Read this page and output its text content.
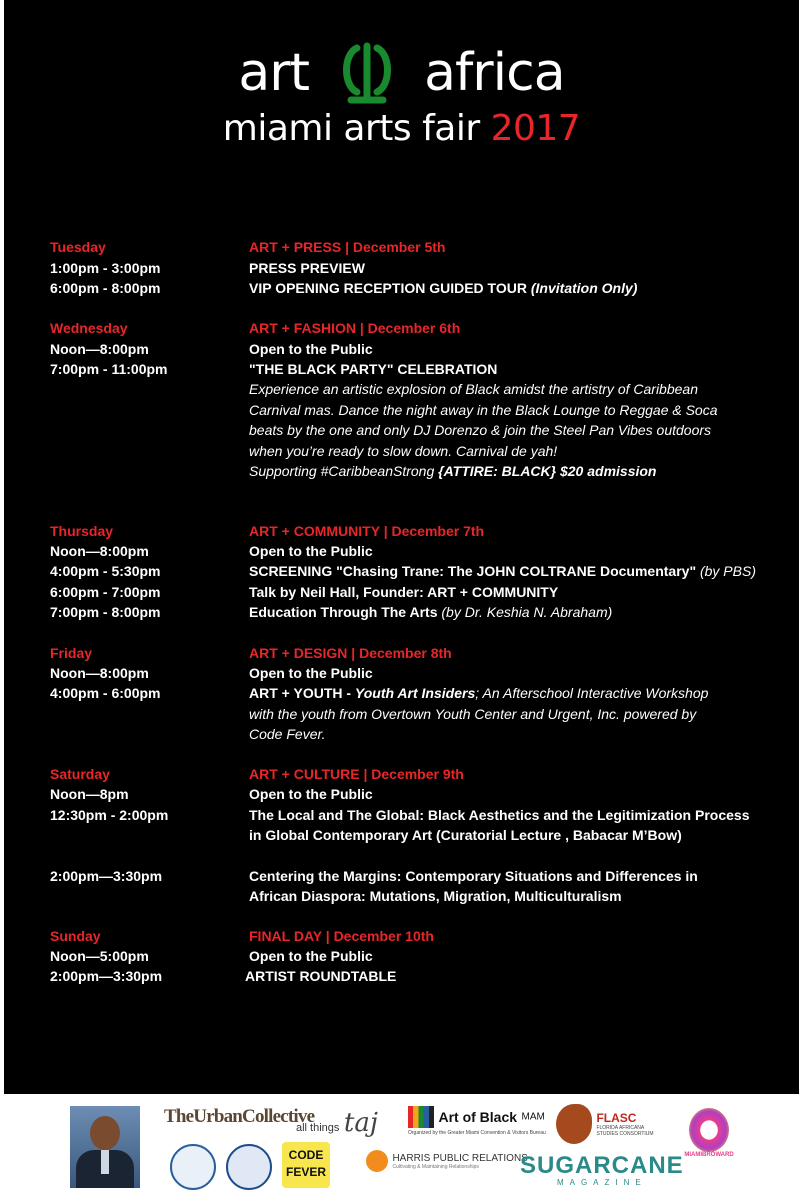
art africa
miami arts fair 2017
Tuesday	ART + PRESS | December 5th
1:00pm - 3:00pm	PRESS PREVIEW
6:00pm - 8:00pm	VIP OPENING RECEPTION GUIDED TOUR (Invitation Only)
Wednesday	ART + FASHION | December 6th
Noon—8:00pm	Open to the Public
7:00pm - 11:00pm	"THE BLACK PARTY" CELEBRATION
Experience an artistic explosion of Black amidst the artistry of Caribbean
Carnival mas. Dance the night away in the Black Lounge to Reggae & Soca
beats by the one and only DJ Dorenzo & join the Steel Pan Vibes outdoors
when you’re ready to slow down. Carnival de yah!
Supporting #CaribbeanStrong {ATTIRE: BLACK} $20 admission
Thursday	ART + COMMUNITY | December 7th
Noon—8:00pm	Open to the Public
4:00pm - 5:30pm	SCREENING "Chasing Trane: The JOHN COLTRANE Documentary" (by PBS)
6:00pm - 7:00pm	Talk by Neil Hall, Founder: ART + COMMUNITY
7:00pm - 8:00pm	Education Through The Arts (by Dr. Keshia N. Abraham)
Friday	ART + DESIGN | December 8th
Noon—8:00pm	Open to the Public
4:00pm - 6:00pm	ART + YOUTH - Youth Art Insiders; An Afterschool Interactive Workshop
with the youth from Overtown Youth Center and Urgent, Inc. powered by
Code Fever.
Saturday	ART + CULTURE | December 9th
Noon—8pm	Open to the Public
12:30pm - 2:00pm	The Local and The Global: Black Aesthetics and the Legitimization Process
in Global Contemporary Art (Curatorial Lecture , Babacar M’Bow)
2:00pm—3:30pm	Centering the Margins: Contemporary Situations and Differences in
African Diaspora: Mutations, Migration, Multiculturalism
Sunday	FINAL DAY | December 10th
Noon—5:00pm	Open to the Public
2:00pm—3:30pm	ARTIST ROUNDTABLE
TheUrbanCollective
all things taj
CODE
FEVER
Art of Black MAM
Organized by the Greater Miami Convention & Visitors Bureau

HARRIS PUBLIC RELATIONS
Cultivating & Maintaining Relationships

FLASC
FLORIDA AFRICANA STUDIES CONSORTIUM
SUGARCANE
MAGAZINE
MIAMIBROWARD
